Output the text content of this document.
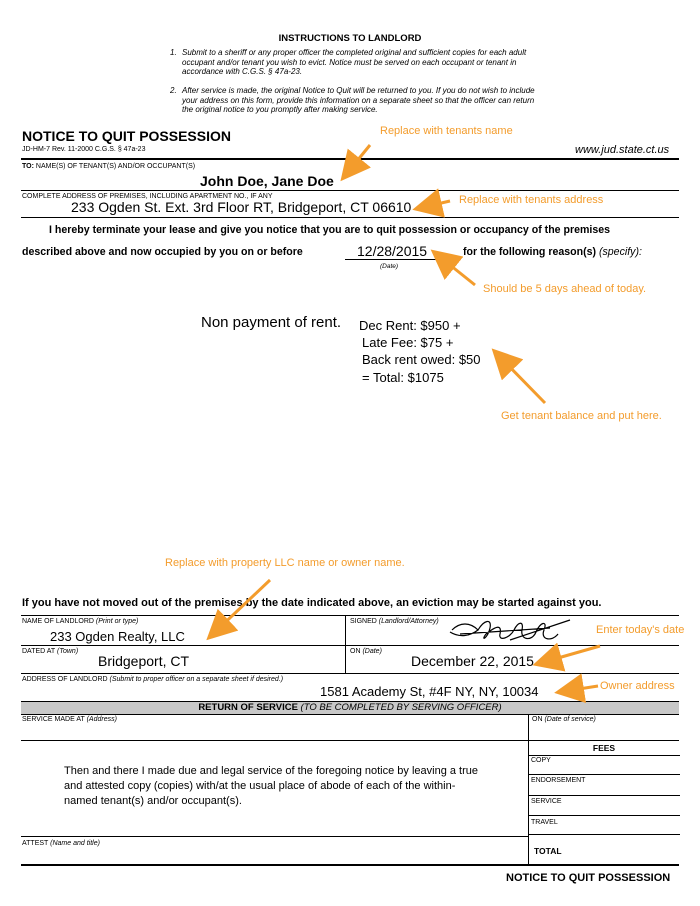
INSTRUCTIONS TO LANDLORD
1. Submit to a sheriff or any proper officer the completed original and sufficient copies for each adult occupant and/or tenant you wish to evict. Notice must be served on each occupant or tenant in accordance with C.G.S. § 47a-23.
2. After service is made, the original Notice to Quit will be returned to you. If you do not wish to include your address on this form, provide this information on a separate sheet so that the officer can return the original notice to you promptly after making service.
NOTICE TO QUIT POSSESSION
JD-HM-7 Rev. 11-2000 C.G.S. § 47a-23	www.jud.state.ct.us
TO: NAME(S) OF TENANT(S) AND/OR OCCUPANT(S)
John Doe, Jane Doe
COMPLETE ADDRESS OF PREMISES, INCLUDING APARTMENT NO., IF ANY
233 Ogden St. Ext. 3rd Floor RT, Bridgeport, CT 06610
I hereby terminate your lease and give you notice that you are to quit possession or occupancy of the premises
described above and now occupied by you on or before	12/28/2015
(Date)
for the following reason(s) (specify):
Non payment of rent. Dec Rent: $950 +
Late Fee: $75 +
Back rent owed: $50
= Total: $1075
If you have not moved out of the premises by the date indicated above, an eviction may be started against you.
NAME OF LANDLORD (Print or type)
233 Ogden Realty, LLC
SIGNED (Landlord/Attorney)
DATED AT (Town)
Bridgeport, CT
ON (Date)
December 22, 2015
ADDRESS OF LANDLORD (Submit to proper officer on a separate sheet if desired.)
1581 Academy St, #4F NY, NY, 10034
RETURN OF SERVICE (TO BE COMPLETED BY SERVING OFFICER)
SERVICE MADE AT (Address)	ON (Date of service)
FEES
COPY
ENDORSEMENT
SERVICE
TRAVEL
Then and there I made due and legal service of the foregoing notice by leaving a true and attested copy (copies) with/at the usual place of abode of each of the within-named tenant(s) and/or occupant(s).
ATTEST (Name and title)
TOTAL
NOTICE TO QUIT POSSESSION
Replace with tenants name
Replace with tenants address
Should be 5 days ahead of today.
Get tenant balance and put here.
Replace with property LLC name or owner name.
Enter today's date
Owner address
